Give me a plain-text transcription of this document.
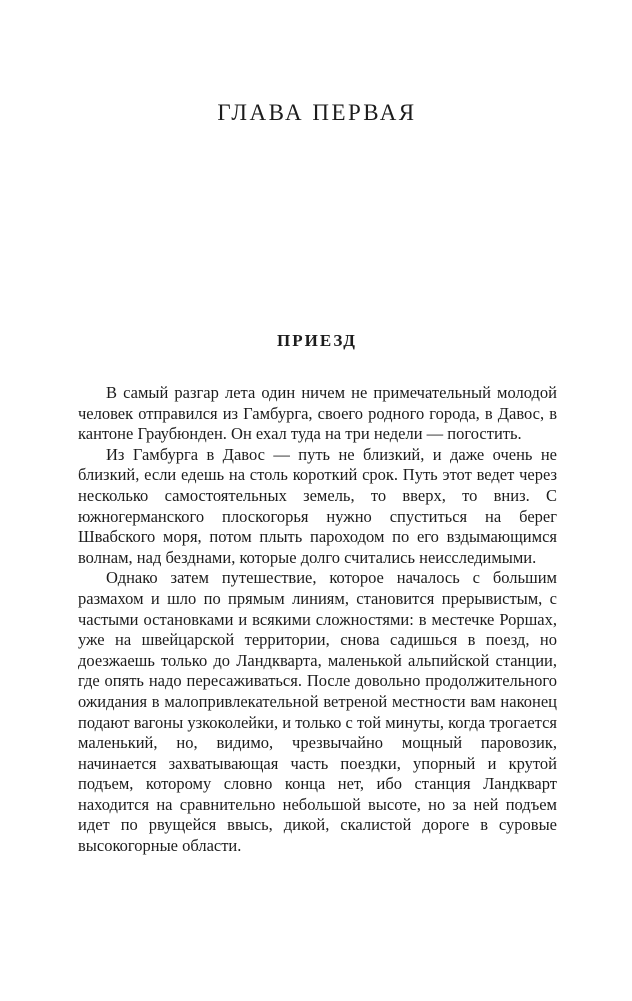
ГЛАВА ПЕРВАЯ
ПРИЕЗД

В самый разгар лета один ничем не примечательный молодой человек отправился из Гамбурга, своего родного города, в Давос, в кантоне Граубюнден. Он ехал туда на три недели — погостить.

Из Гамбурга в Давос — путь не близкий, и даже очень не близкий, если едешь на столь короткий срок. Путь этот ведет через несколько самостоятельных земель, то вверх, то вниз. С южногерманского плоскогорья нужно спуститься на берег Швабского моря, потом плыть пароходом по его вздымающимся волнам, над безднами, которые долго считались неисследимыми.

Однако затем путешествие, которое началось с большим размахом и шло по прямым линиям, становится прерывистым, с частыми остановками и всякими сложностями: в местечке Роршах, уже на швейцарской территории, снова садишься в поезд, но доезжаешь только до Ландкварта, маленькой альпийской станции, где опять надо пересаживаться. После довольно продолжительного ожидания в малопривлекательной ветреной местности вам наконец подают вагоны узкоколейки, и только с той минуты, когда трогается маленький, но, видимо, чрезвычайно мощный паровозик, начинается захватывающая часть поездки, упорный и крутой подъем, которому словно конца нет, ибо станция Ландкварт находится на сравнительно небольшой высоте, но за ней подъем идет по рвущейся ввысь, дикой, скалистой дороге в суровые высокогорные области.
